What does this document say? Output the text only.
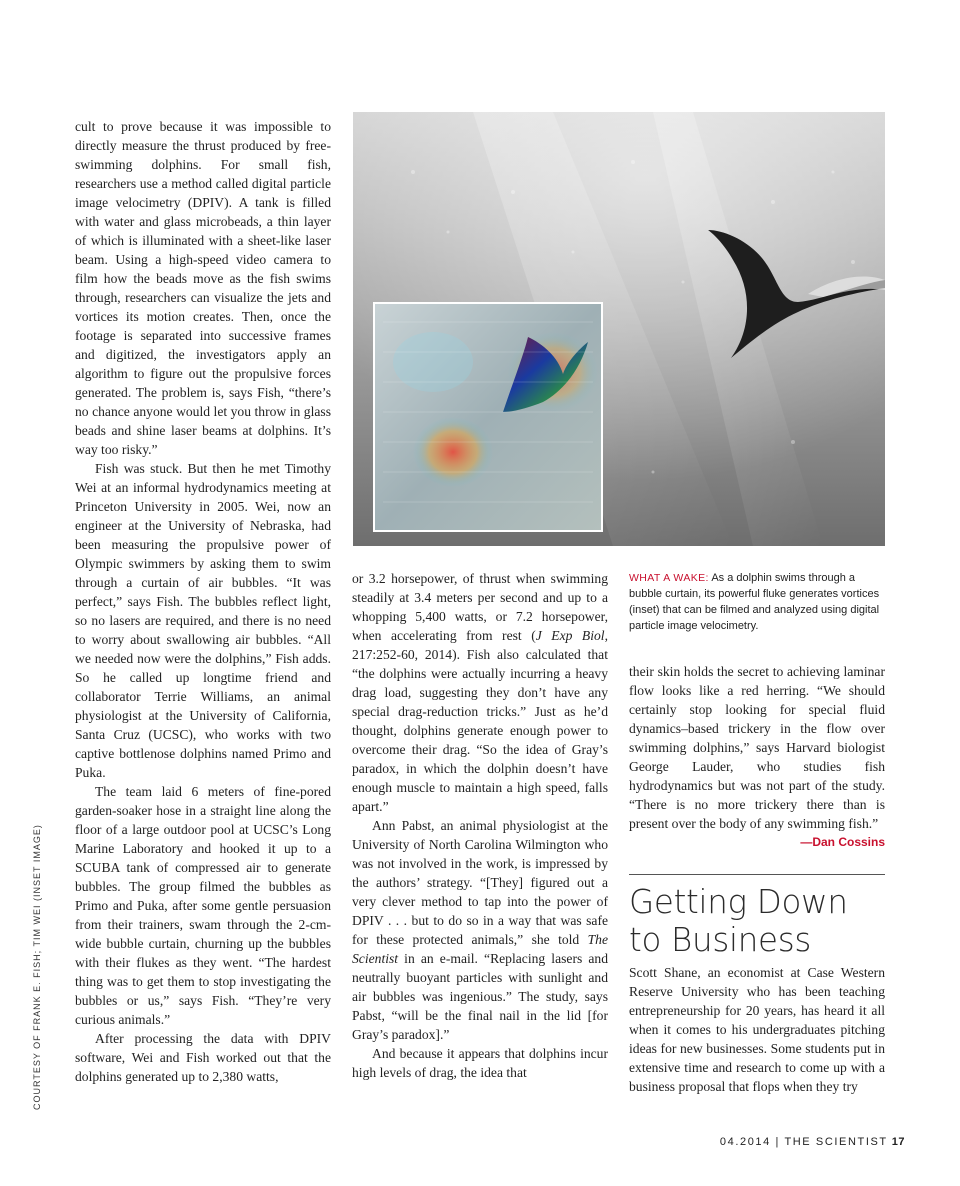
cult to prove because it was impossible to directly measure the thrust produced by free-swimming dolphins. For small fish, researchers use a method called digital particle image velocimetry (DPIV). A tank is filled with water and glass microbeads, a thin layer of which is illuminated with a sheet-like laser beam. Using a high-speed video camera to film how the beads move as the fish swims through, researchers can visualize the jets and vortices its motion creates. Then, once the footage is separated into successive frames and digitized, the investigators apply an algorithm to figure out the propulsive forces generated. The problem is, says Fish, “there’s no chance anyone would let you throw in glass beads and shine laser beams at dolphins. It’s way too risky.”

Fish was stuck. But then he met Timothy Wei at an informal hydrodynamics meeting at Princeton University in 2005. Wei, now an engineer at the University of Nebraska, had been measuring the propulsive power of Olympic swimmers by asking them to swim through a curtain of air bubbles. “It was perfect,” says Fish. The bubbles reflect light, so no lasers are required, and there is no need to worry about swallowing air bubbles. “All we needed now were the dolphins,” Fish adds. So he called up longtime friend and collaborator Terrie Williams, an animal physiologist at the University of California, Santa Cruz (UCSC), who works with two captive bottlenose dolphins named Primo and Puka.

The team laid 6 meters of fine-pored garden-soaker hose in a straight line along the floor of a large outdoor pool at UCSC’s Long Marine Laboratory and hooked it up to a SCUBA tank of compressed air to generate bubbles. The group filmed the bubbles as Primo and Puka, after some gentle persuasion from their trainers, swam through the 2-cm-wide bubble curtain, churning up the bubbles with their flukes as they went. “The hardest thing was to get them to stop investigating the bubbles or us,” says Fish. “They’re very curious animals.”

After processing the data with DPIV software, Wei and Fish worked out that the dolphins generated up to 2,380 watts,

WHAT A WAKE: As a dolphin swims through a bubble curtain, its powerful fluke generates vortices (inset) that can be filmed and analyzed using digital particle image velocimetry.

or 3.2 horsepower, of thrust when swimming steadily at 3.4 meters per second and up to a whopping 5,400 watts, or 7.2 horsepower, when accelerating from rest (J Exp Biol, 217:252-60, 2014). Fish also calculated that “the dolphins were actually incurring a heavy drag load, suggesting they don’t have any special drag-reduction tricks.” Just as he’d thought, dolphins generate enough power to overcome their drag. “So the idea of Gray’s paradox, in which the dolphin doesn’t have enough muscle to maintain a high speed, falls apart.”

Ann Pabst, an animal physiologist at the University of North Carolina Wilmington who was not involved in the work, is impressed by the authors’ strategy. “[They] figured out a very clever method to tap into the power of DPIV . . . but to do so in a way that was safe for these protected animals,” she told The Scientist in an e-mail. “Replacing lasers and neutrally buoyant particles with sunlight and air bubbles was ingenious.” The study, says Pabst, “will be the final nail in the lid [for Gray’s paradox].”

And because it appears that dolphins incur high levels of drag, the idea that

their skin holds the secret to achieving laminar flow looks like a red herring. “We should certainly stop looking for special fluid dynamics–based trickery in the flow over swimming dolphins,” says Harvard biologist George Lauder, who studies fish hydrodynamics but was not part of the study. “There is no more trickery there than is present over the body of any swimming fish.”
—Dan Cossins

Getting Down to Business

Scott Shane, an economist at Case Western Reserve University who has been teaching entrepreneurship for 20 years, has heard it all when it comes to his undergraduates pitching ideas for new businesses. Some students put in extensive time and research to come up with a business proposal that flops when they try

COURTESY OF FRANK E. FISH; TIM WEI (INSET IMAGE)
04.2014 | THE SCIENTIST 17
